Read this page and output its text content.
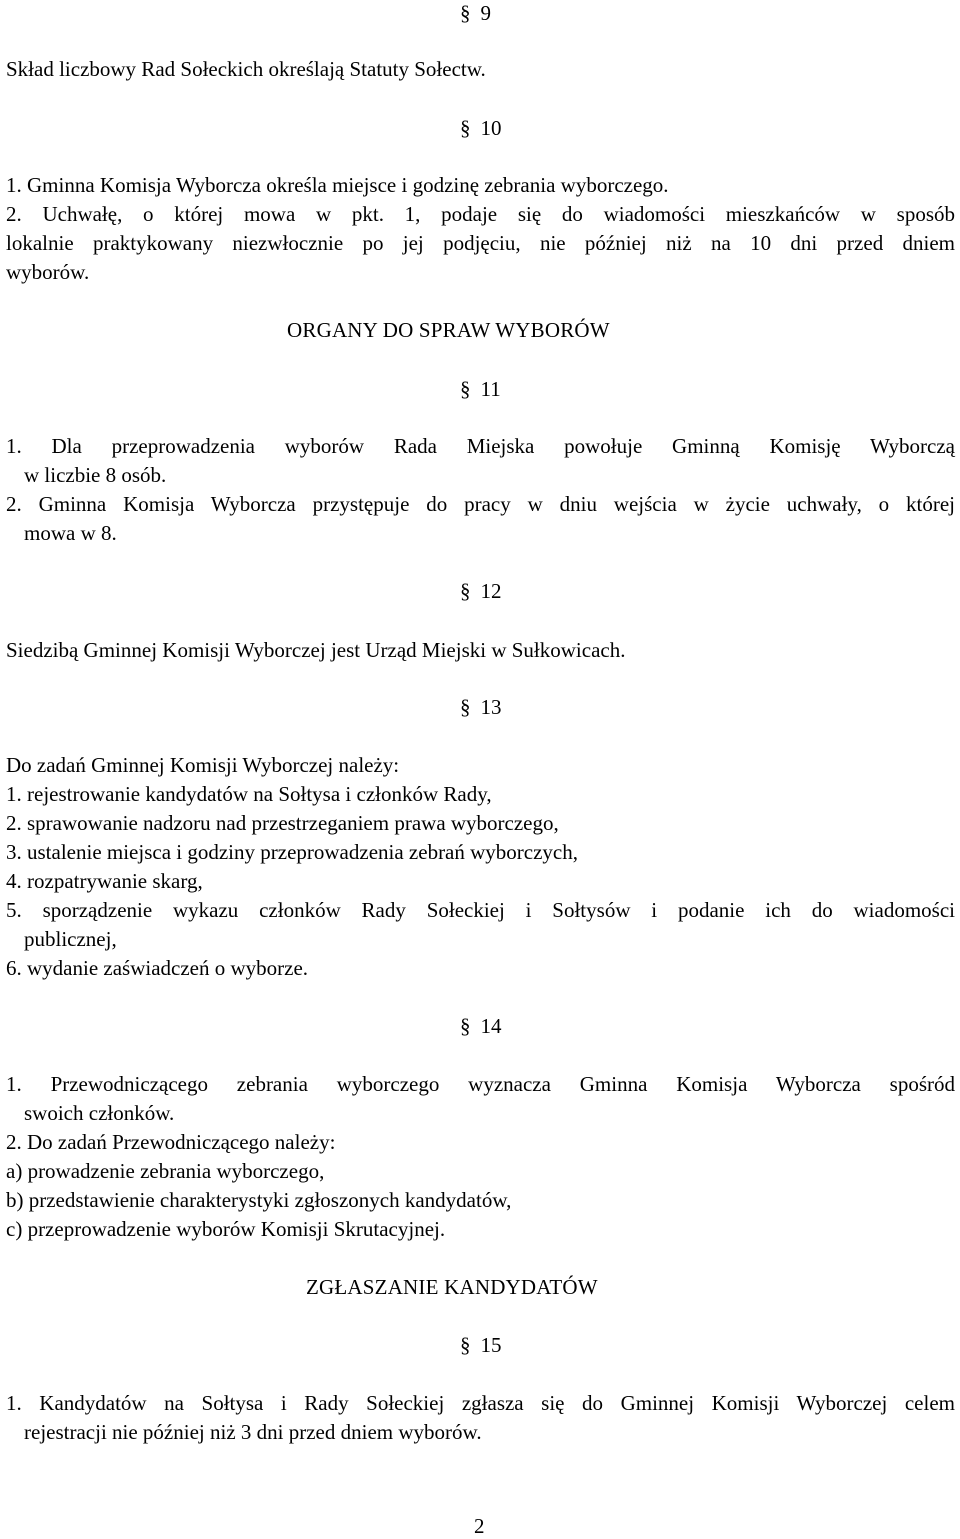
§ 9
Skład liczbowy Rad Sołeckich określają Statuty Sołectw.
§ 10
1. Gminna Komisja Wyborcza określa miejsce i godzinę zebrania wyborczego.
2. Uchwałę, o której mowa w pkt. 1, podaje się do wiadomości mieszkańców w sposób
lokalnie praktykowany niezwłocznie po jej podjęciu, nie później niż na 10 dni przed dniem
wyborów.
ORGANY DO SPRAW WYBORÓW
§ 11
1. Dla przeprowadzenia wyborów Rada Miejska powołuje Gminną Komisję Wyborczą
w liczbie 8 osób.
2. Gminna Komisja Wyborcza przystępuje do pracy w dniu wejścia w życie uchwały, o której
mowa w 8.
§ 12
Siedzibą Gminnej Komisji Wyborczej jest Urząd Miejski w Sułkowicach.
§ 13
Do zadań Gminnej Komisji Wyborczej należy:
1. rejestrowanie kandydatów na Sołtysa i członków Rady,
2. sprawowanie nadzoru nad przestrzeganiem prawa wyborczego,
3. ustalenie miejsca i godziny przeprowadzenia zebrań wyborczych,
4. rozpatrywanie skarg,
5. sporządzenie wykazu członków Rady Sołeckiej i Sołtysów i podanie ich do wiadomości
publicznej,
6. wydanie zaświadczeń o wyborze.
§ 14
1. Przewodniczącego zebrania wyborczego wyznacza Gminna Komisja Wyborcza spośród
swoich członków.
2. Do zadań Przewodniczącego należy:
a) prowadzenie zebrania wyborczego,
b) przedstawienie charakterystyki zgłoszonych kandydatów,
c) przeprowadzenie wyborów Komisji Skrutacyjnej.
ZGŁASZANIE KANDYDATÓW
§ 15
1. Kandydatów na Sołtysa i Rady Sołeckiej zgłasza się do Gminnej Komisji Wyborczej celem
rejestracji nie później niż 3 dni przed dniem wyborów.
2
